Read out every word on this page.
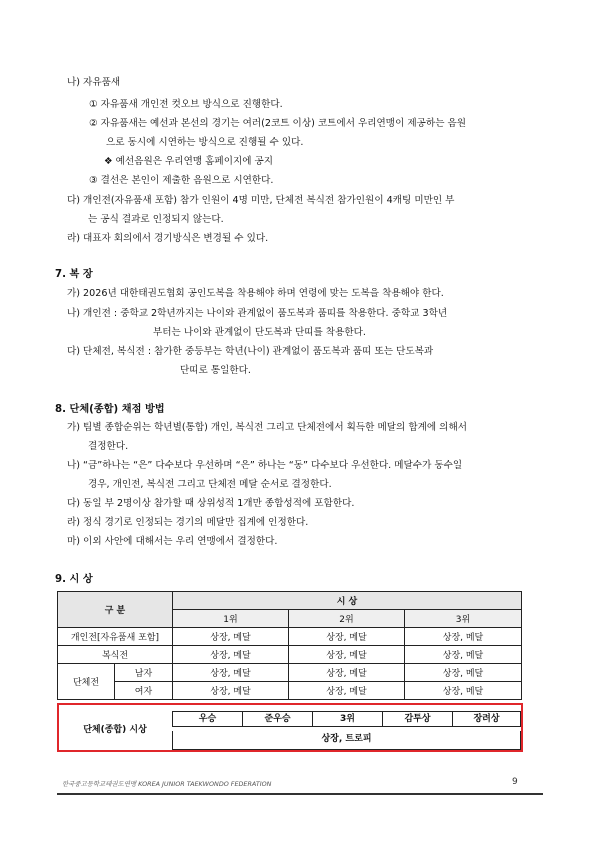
나) 자유품새
① 자유품새 개인전 컷오브 방식으로 진행한다.
② 자유품새는 예선과 본선의 경기는 여러(2코트 이상) 코트에서 우리연맹이 제공하는 음원
으로 동시에 시연하는 방식으로 진행될 수 있다.
❖ 예선음원은 우리연맹 홈페이지에 공지
③ 결선은 본인이 제출한 음원으로 시연한다.
다) 개인전(자유품새 포함) 참가 인원이 4명 미만, 단체전 복식전 참가인원이 4캐팅 미만인 부
는 공식 결과로 인정되지 않는다.
라) 대표자 회의에서 경기방식은 변경될 수 있다.
7. 복 장
가) 2026년 대한태권도협회 공인도복을 착용해야 하며 연령에 맞는 도복을 착용해야 한다.
나) 개인전 : 중학교 2학년까지는 나이와 관계없이 품도복과 품띠를 착용한다. 중학교 3학년
부터는 나이와 관계없이 단도복과 단띠를 착용한다.
다) 단체전, 복식전 : 참가한 중등부는 학년(나이) 관계없이 품도복과 품띠 또는 단도복과
단띠로 통일한다.
8. 단체(종합) 채점 방법
가) 팀별 종합순위는 학년별(통합) 개인, 복식전 그리고 단체전에서 획득한 메달의 합계에 의해서
결정한다.
나) “금”하나는 “은” 다수보다 우선하며 “은” 하나는 “동” 다수보다 우선한다. 메달수가 동수일
경우, 개인전, 복식전 그리고 단체전 메달 순서로 결정한다.
다) 동일 부 2명이상 참가할 때 상위성적 1개만 종합성적에 포함한다.
라) 정식 경기로 인정되는 경기의 메달만 집계에 인정한다.
마) 이외 사안에 대해서는 우리 연맹에서 결정한다.
9. 시 상
구 분		시 상		
		1위	2위	3위
개인전[자유품새 포함]		상장, 메달	상장, 메달	상장, 메달
복식전		상장, 메달	상장, 메달	상장, 메달
단체전	남자	상장, 메달	상장, 메달	상장, 메달
	여자	상장, 메달	상장, 메달	상장, 메달
단체(종합) 시상
우승	준우승	3위	감투상	장려상
상장, 트로피
한국중고등학교태권도연맹 KOREA JUNIOR TAEKWONDO FEDERATION	9
